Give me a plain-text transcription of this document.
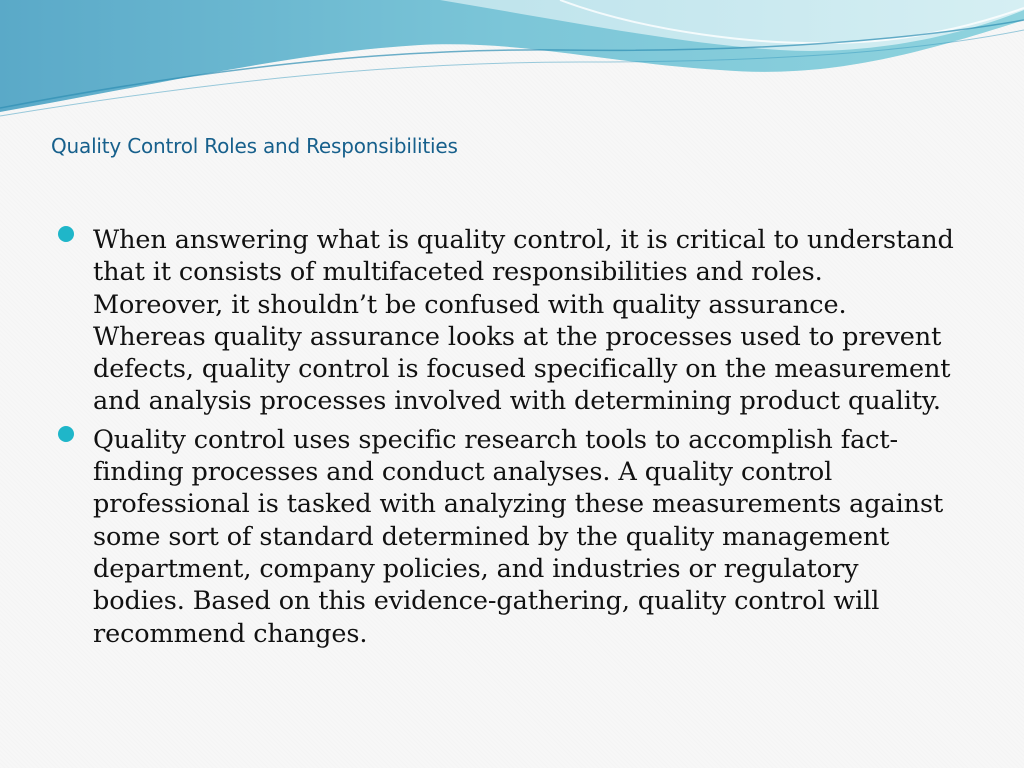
Quality Control Roles and Responsibilities
When answering what is quality control, it is critical to understand that it consists of multifaceted responsibilities and roles. Moreover, it shouldn’t be confused with quality assurance. Whereas quality assurance looks at the processes used to prevent defects, quality control is focused specifically on the measurement and analysis processes involved with determining product quality.
Quality control uses specific research tools to accomplish fact-finding processes and conduct analyses. A quality control professional is tasked with analyzing these measurements against some sort of standard determined by the quality management department, company policies, and industries or regulatory bodies. Based on this evidence-gathering, quality control will recommend changes.
